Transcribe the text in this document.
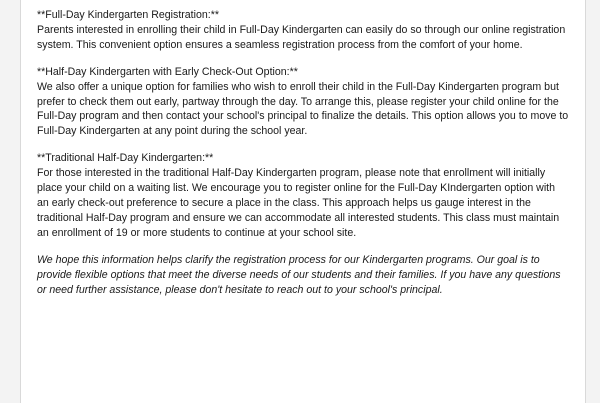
**Full-Day Kindergarten Registration:**

Parents interested in enrolling their child in Full-Day Kindergarten can easily do so through our online registration system. This convenient option ensures a seamless registration process from the comfort of your home.

**Half-Day Kindergarten with Early Check-Out Option:**

We also offer a unique option for families who wish to enroll their child in the Full-Day Kindergarten program but prefer to check them out early, partway through the day. To arrange this, please register your child online for the Full-Day program and then contact your school's principal to finalize the details. This option allows you to move to Full-Day Kindergarten at any point during the school year.

**Traditional Half-Day Kindergarten:**

For those interested in the traditional Half-Day Kindergarten program, please note that enrollment will initially place your child on a waiting list. We encourage you to register online for the Full-Day KIndergarten option with an early check-out preference to secure a place in the class. This approach helps us gauge interest in the traditional Half-Day program and ensure we can accommodate all interested students. This class must maintain an enrollment of 19 or more students to continue at your school site.

We hope this information helps clarify the registration process for our Kindergarten programs. Our goal is to provide flexible options that meet the diverse needs of our students and their families. If you have any questions or need further assistance, please don't hesitate to reach out to your school's principal.
